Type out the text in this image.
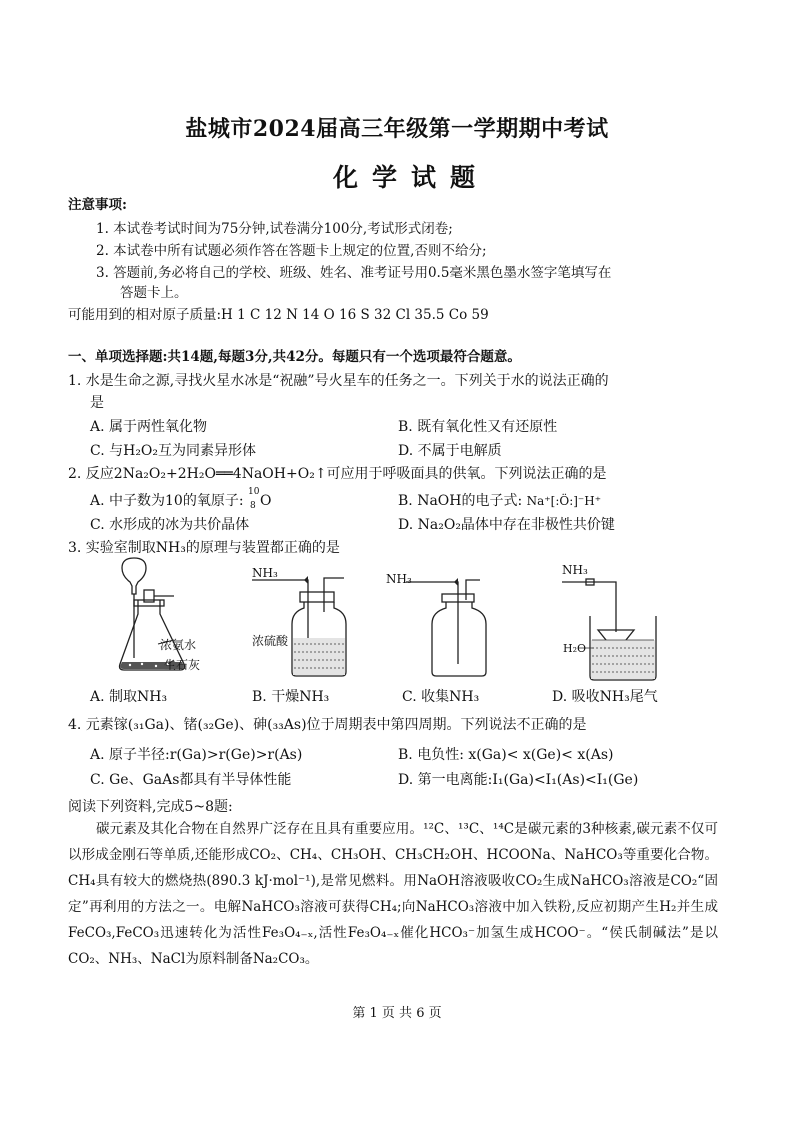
盐城市2024届高三年级第一学期期中考试
化学试题
注意事项:
1. 本试卷考试时间为75分钟,试卷满分100分,考试形式闭卷;
2. 本试卷中所有试题必须作答在答题卡上规定的位置,否则不给分;
3. 答题前,务必将自己的学校、班级、姓名、准考证号用0.5毫米黑色墨水签字笔填写在
答题卡上。
可能用到的相对原子质量:H 1 C 12 N 14 O 16 S 32 Cl 35.5 Co 59
一、单项选择题:共14题,每题3分,共42分。每题只有一个选项最符合题意。
1. 水是生命之源,寻找火星水冰是“祝融”号火星车的任务之一。下列关于水的说法正确的
是
A. 属于两性氧化物	B. 既有氧化性又有还原性
C. 与H₂O₂互为同素异形体	D. 不属于电解质
2. 反应2Na₂O₂+2H₂O══4NaOH+O₂↑可应用于呼吸面具的供氧。下列说法正确的是
A. 中子数为10的氧原子:
10
8 O	B. NaOH的电子式: Na⁺[:Ö:]⁻H⁺
C. 水形成的冰为共价晶体	D. Na₂O₂晶体中存在非极性共价键
3. 实验室制取NH₃的原理与装置都正确的是
浓氨水
生石灰
NH₃
浓硫酸
NH₃
NH₃
H₂O
A. 制取NH₃	B. 干燥NH₃	C. 收集NH₃	D. 吸收NH₃尾气
4. 元素镓(₃₁Ga)、锗(₃₂Ge)、砷(₃₃As)位于周期表中第四周期。下列说法不正确的是
A. 原子半径:r(Ga)>r(Ge)>r(As)	B. 电负性: x(Ga)< x(Ge)< x(As)
C. Ge、GaAs都具有半导体性能	D. 第一电离能:I₁(Ga)<I₁(As)<I₁(Ge)
阅读下列资料,完成5~8题:
碳元素及其化合物在自然界广泛存在且具有重要应用。¹²C、¹³C、¹⁴C是碳元素的3种核素,碳元素不仅可以形成金刚石等单质,还能形成CO₂、CH₄、CH₃OH、CH₃CH₂OH、HCOONa、NaHCO₃等重要化合物。CH₄具有较大的燃烧热(890.3 kJ·mol⁻¹),是常见燃料。用NaOH溶液吸收CO₂生成NaHCO₃溶液是CO₂“固定”再利用的方法之一。电解NaHCO₃溶液可获得CH₄;向NaHCO₃溶液中加入铁粉,反应初期产生H₂并生成FeCO₃,FeCO₃迅速转化为活性Fe₃O₄₋ₓ,活性Fe₃O₄₋ₓ催化HCO₃⁻加氢生成HCOO⁻。“侯氏制碱法”是以CO₂、NH₃、NaCl为原料制备Na₂CO₃。
第 1 页 共 6 页
